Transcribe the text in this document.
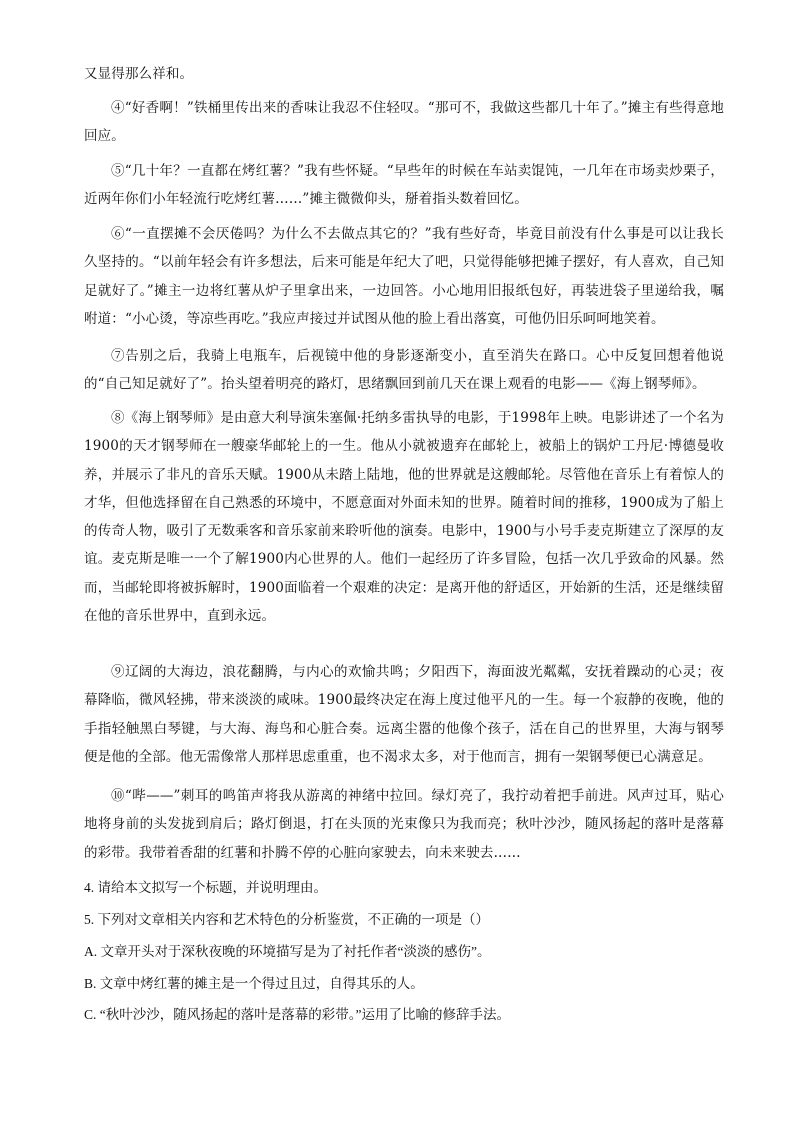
又显得那么祥和。

④“好香啊！”铁桶里传出来的香味让我忍不住轻叹。“那可不，我做这些都几十年了。”摊主有些得意地回应。

⑤“几十年？一直都在烤红薯？”我有些怀疑。“早些年的时候在车站卖馄饨，一几年在市场卖炒栗子，近两年你们小年轻流行吃烤红薯……”摊主微微仰头，掰着指头数着回忆。

⑥“一直摆摊不会厌倦吗？为什么不去做点其它的？”我有些好奇，毕竟目前没有什么事是可以让我长久坚持的。“以前年轻会有许多想法，后来可能是年纪大了吧，只觉得能够把摊子摆好，有人喜欢，自己知足就好了。”摊主一边将红薯从炉子里拿出来，一边回答。小心地用旧报纸包好，再装进袋子里递给我，嘱咐道：“小心烫，等凉些再吃。”我应声接过并试图从他的脸上看出落寞，可他仍旧乐呵呵地笑着。

⑦告别之后，我骑上电瓶车，后视镜中他的身影逐渐变小，直至消失在路口。心中反复回想着他说的“自己知足就好了”。抬头望着明亮的路灯，思绪飘回到前几天在课上观看的电影——《海上钢琴师》。

⑧《海上钢琴师》是由意大利导演朱塞佩·托纳多雷执导的电影，于1998年上映。电影讲述了一个名为1900的天才钢琴师在一艘豪华邮轮上的一生。他从小就被遗弃在邮轮上，被船上的锅炉工丹尼·博德曼收养，并展示了非凡的音乐天赋。1900从未踏上陆地，他的世界就是这艘邮轮。尽管他在音乐上有着惊人的才华，但他选择留在自己熟悉的环境中，不愿意面对外面未知的世界。随着时间的推移，1900成为了船上的传奇人物，吸引了无数乘客和音乐家前来聆听他的演奏。电影中，1900与小号手麦克斯建立了深厚的友谊。麦克斯是唯一一个了解1900内心世界的人。他们一起经历了许多冒险，包括一次几乎致命的风暴。然而，当邮轮即将被拆解时，1900面临着一个艰难的决定：是离开他的舒适区，开始新的生活，还是继续留在他的音乐世界中，直到永远。

⑨辽阔的大海边，浪花翻腾，与内心的欢愉共鸣；夕阳西下，海面波光粼粼，安抚着躁动的心灵；夜幕降临，微风轻拂，带来淡淡的咸味。1900最终决定在海上度过他平凡的一生。每一个寂静的夜晚，他的手指轻触黑白琴键，与大海、海鸟和心脏合奏。远离尘嚣的他像个孩子，活在自己的世界里，大海与钢琴便是他的全部。他无需像常人那样思虑重重，也不渴求太多，对于他而言，拥有一架钢琴便已心满意足。

⑩“哔——”刺耳的鸣笛声将我从游离的神绪中拉回。绿灯亮了，我拧动着把手前进。风声过耳，贴心地将身前的头发拢到肩后；路灯倒退，打在头顶的光束像只为我而亮；秋叶沙沙，随风扬起的落叶是落幕的彩带。我带着香甜的红薯和扑腾不停的心脏向家驶去，向未来驶去……

4. 请给本文拟写一个标题，并说明理由。

5. 下列对文章相关内容和艺术特色的分析鉴赏，不正确的一项是（）

A. 文章开头对于深秋夜晚的环境描写是为了衬托作者“淡淡的感伤”。

B. 文章中烤红薯的摊主是一个得过且过，自得其乐的人。

C. “秋叶沙沙，随风扬起的落叶是落幕的彩带。”运用了比喻的修辞手法。
